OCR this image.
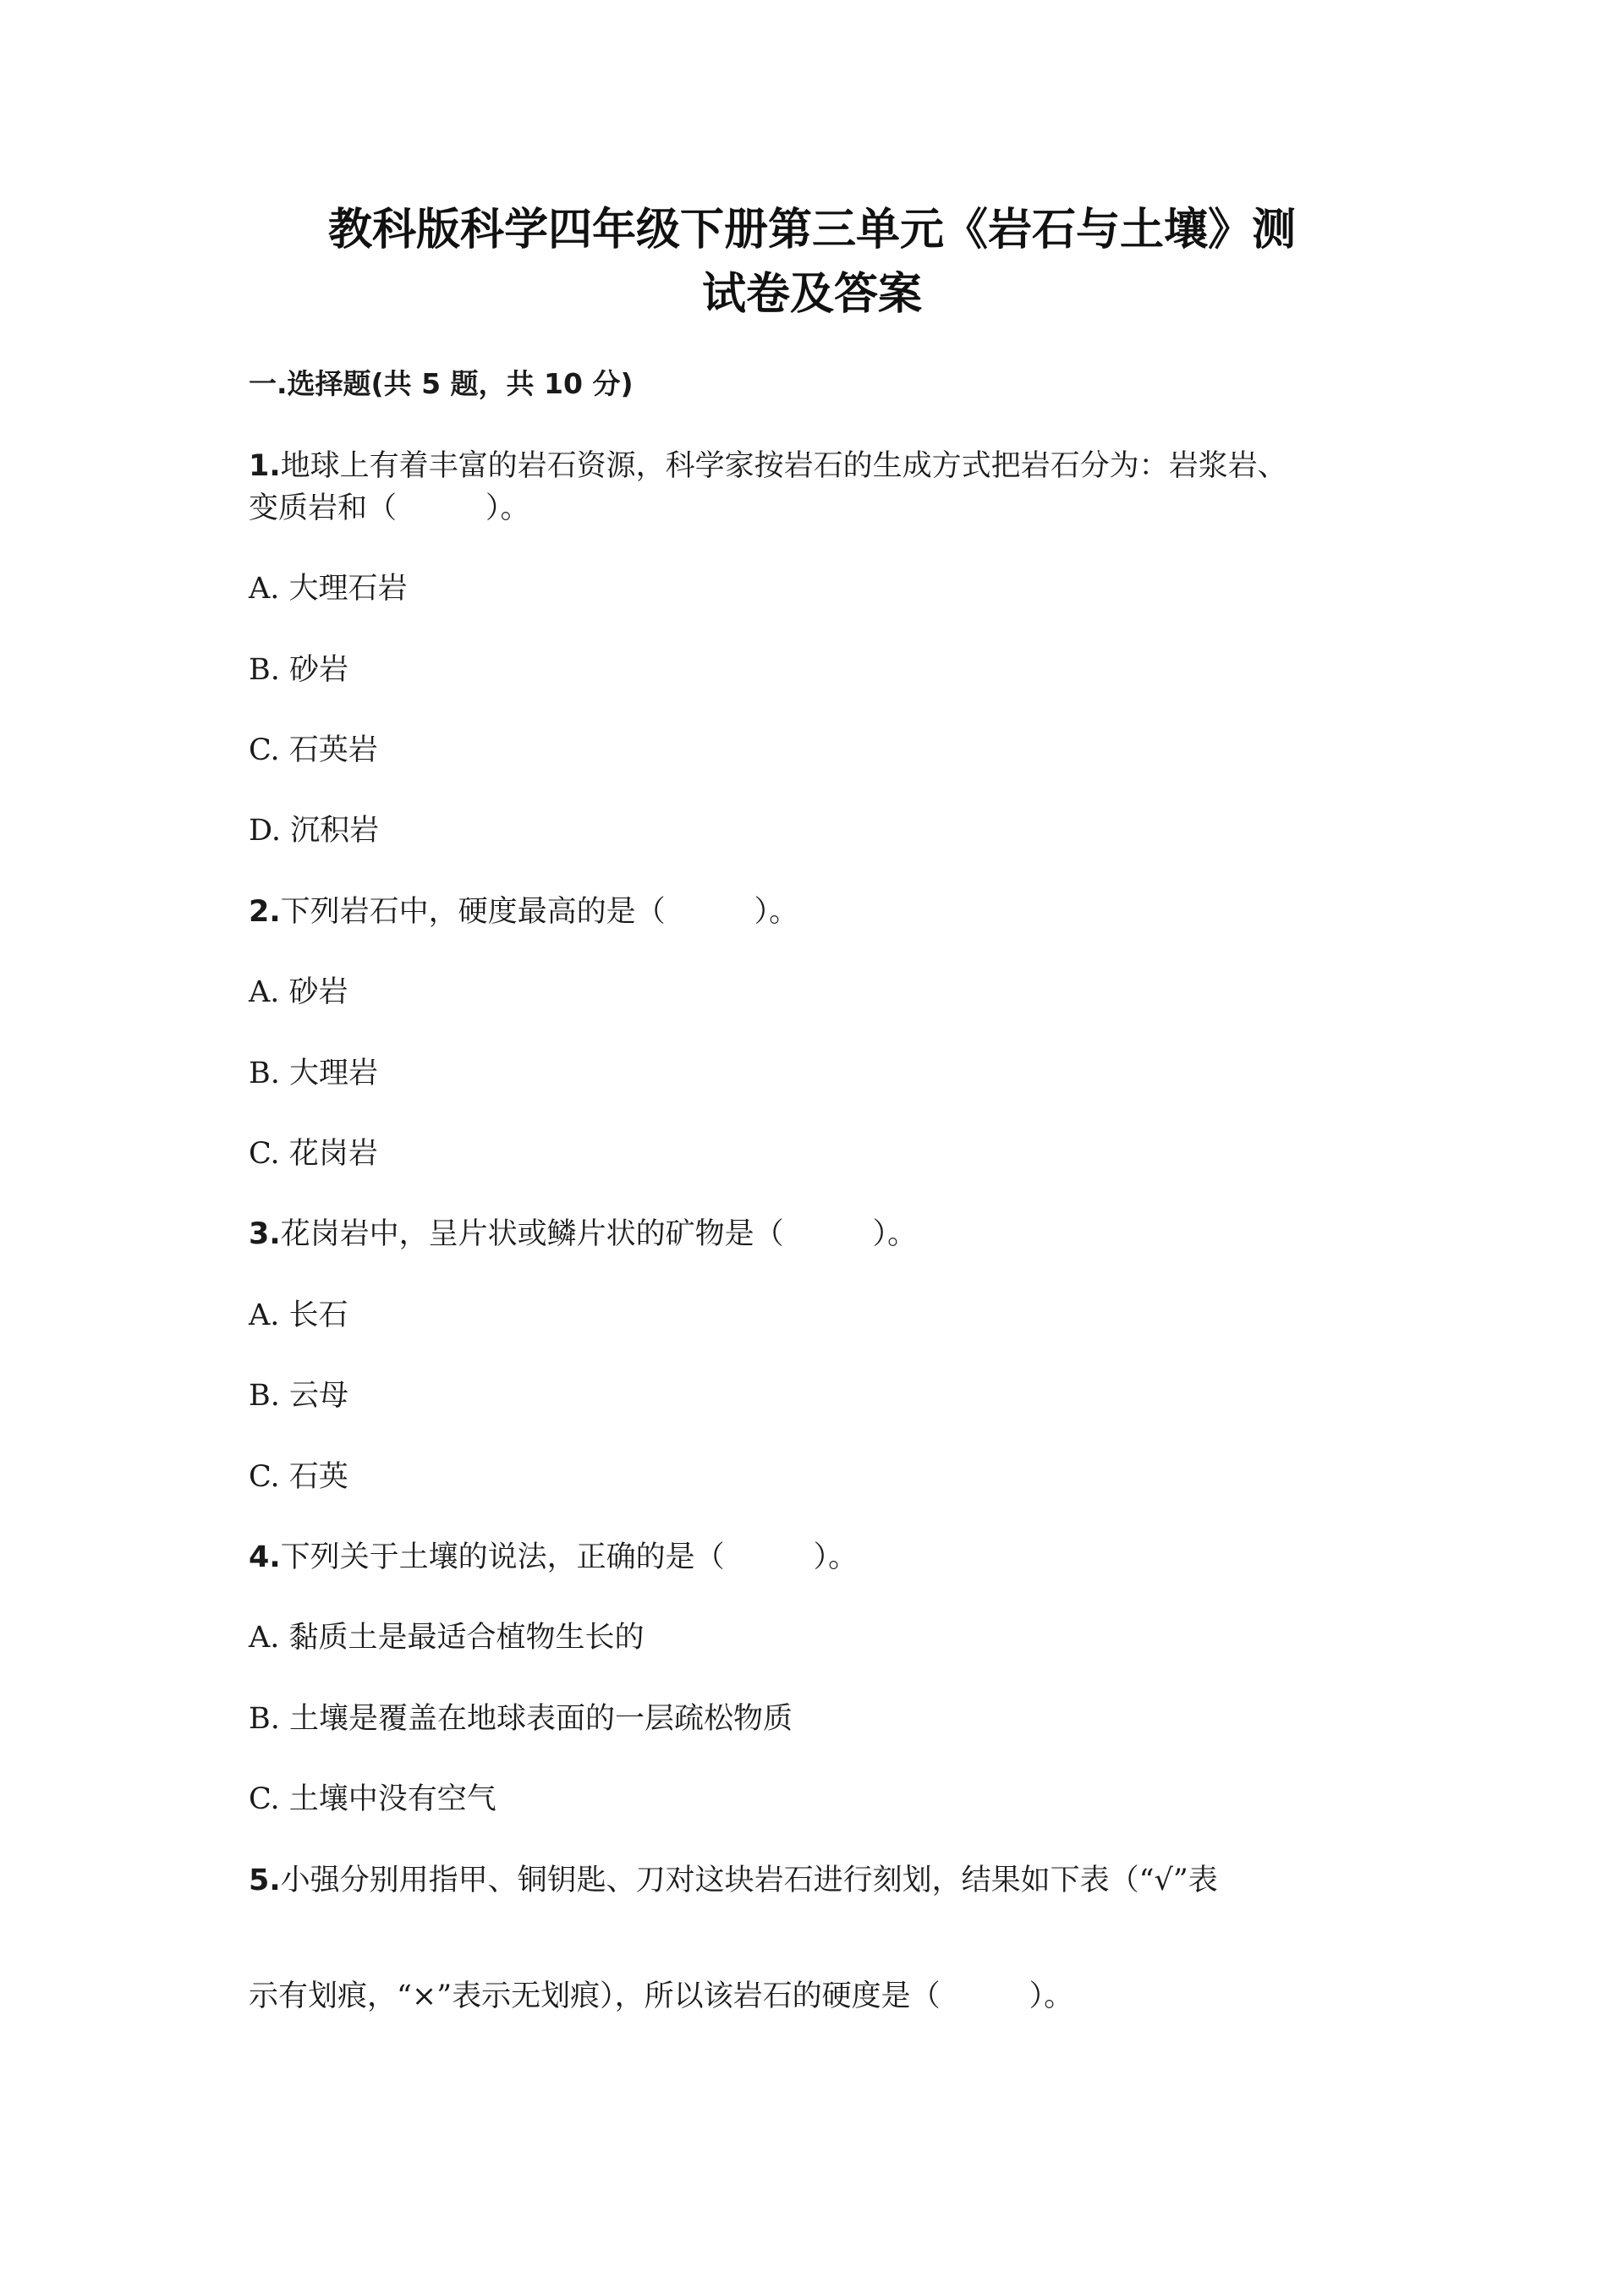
教科版科学四年级下册第三单元《岩石与土壤》测
试卷及答案
一.选择题(共 5 题，共 10 分)
1.地球上有着丰富的岩石资源，科学家按岩石的生成方式把岩石分为：岩浆岩、
变质岩和（　　　）。
A. 大理石岩
B. 砂岩
C. 石英岩
D. 沉积岩
2.下列岩石中，硬度最高的是（　　　）。
A. 砂岩
B. 大理岩
C. 花岗岩
3.花岗岩中，呈片状或鳞片状的矿物是（　　　）。
A. 长石
B. 云母
C. 石英
4.下列关于土壤的说法，正确的是（　　　）。
A. 黏质土是最适合植物生长的
B. 土壤是覆盖在地球表面的一层疏松物质
C. 土壤中没有空气
5.小强分别用指甲、铜钥匙、刀对这块岩石进行刻划，结果如下表（“√”表
示有划痕，“×”表示无划痕），所以该岩石的硬度是（　　　）。
